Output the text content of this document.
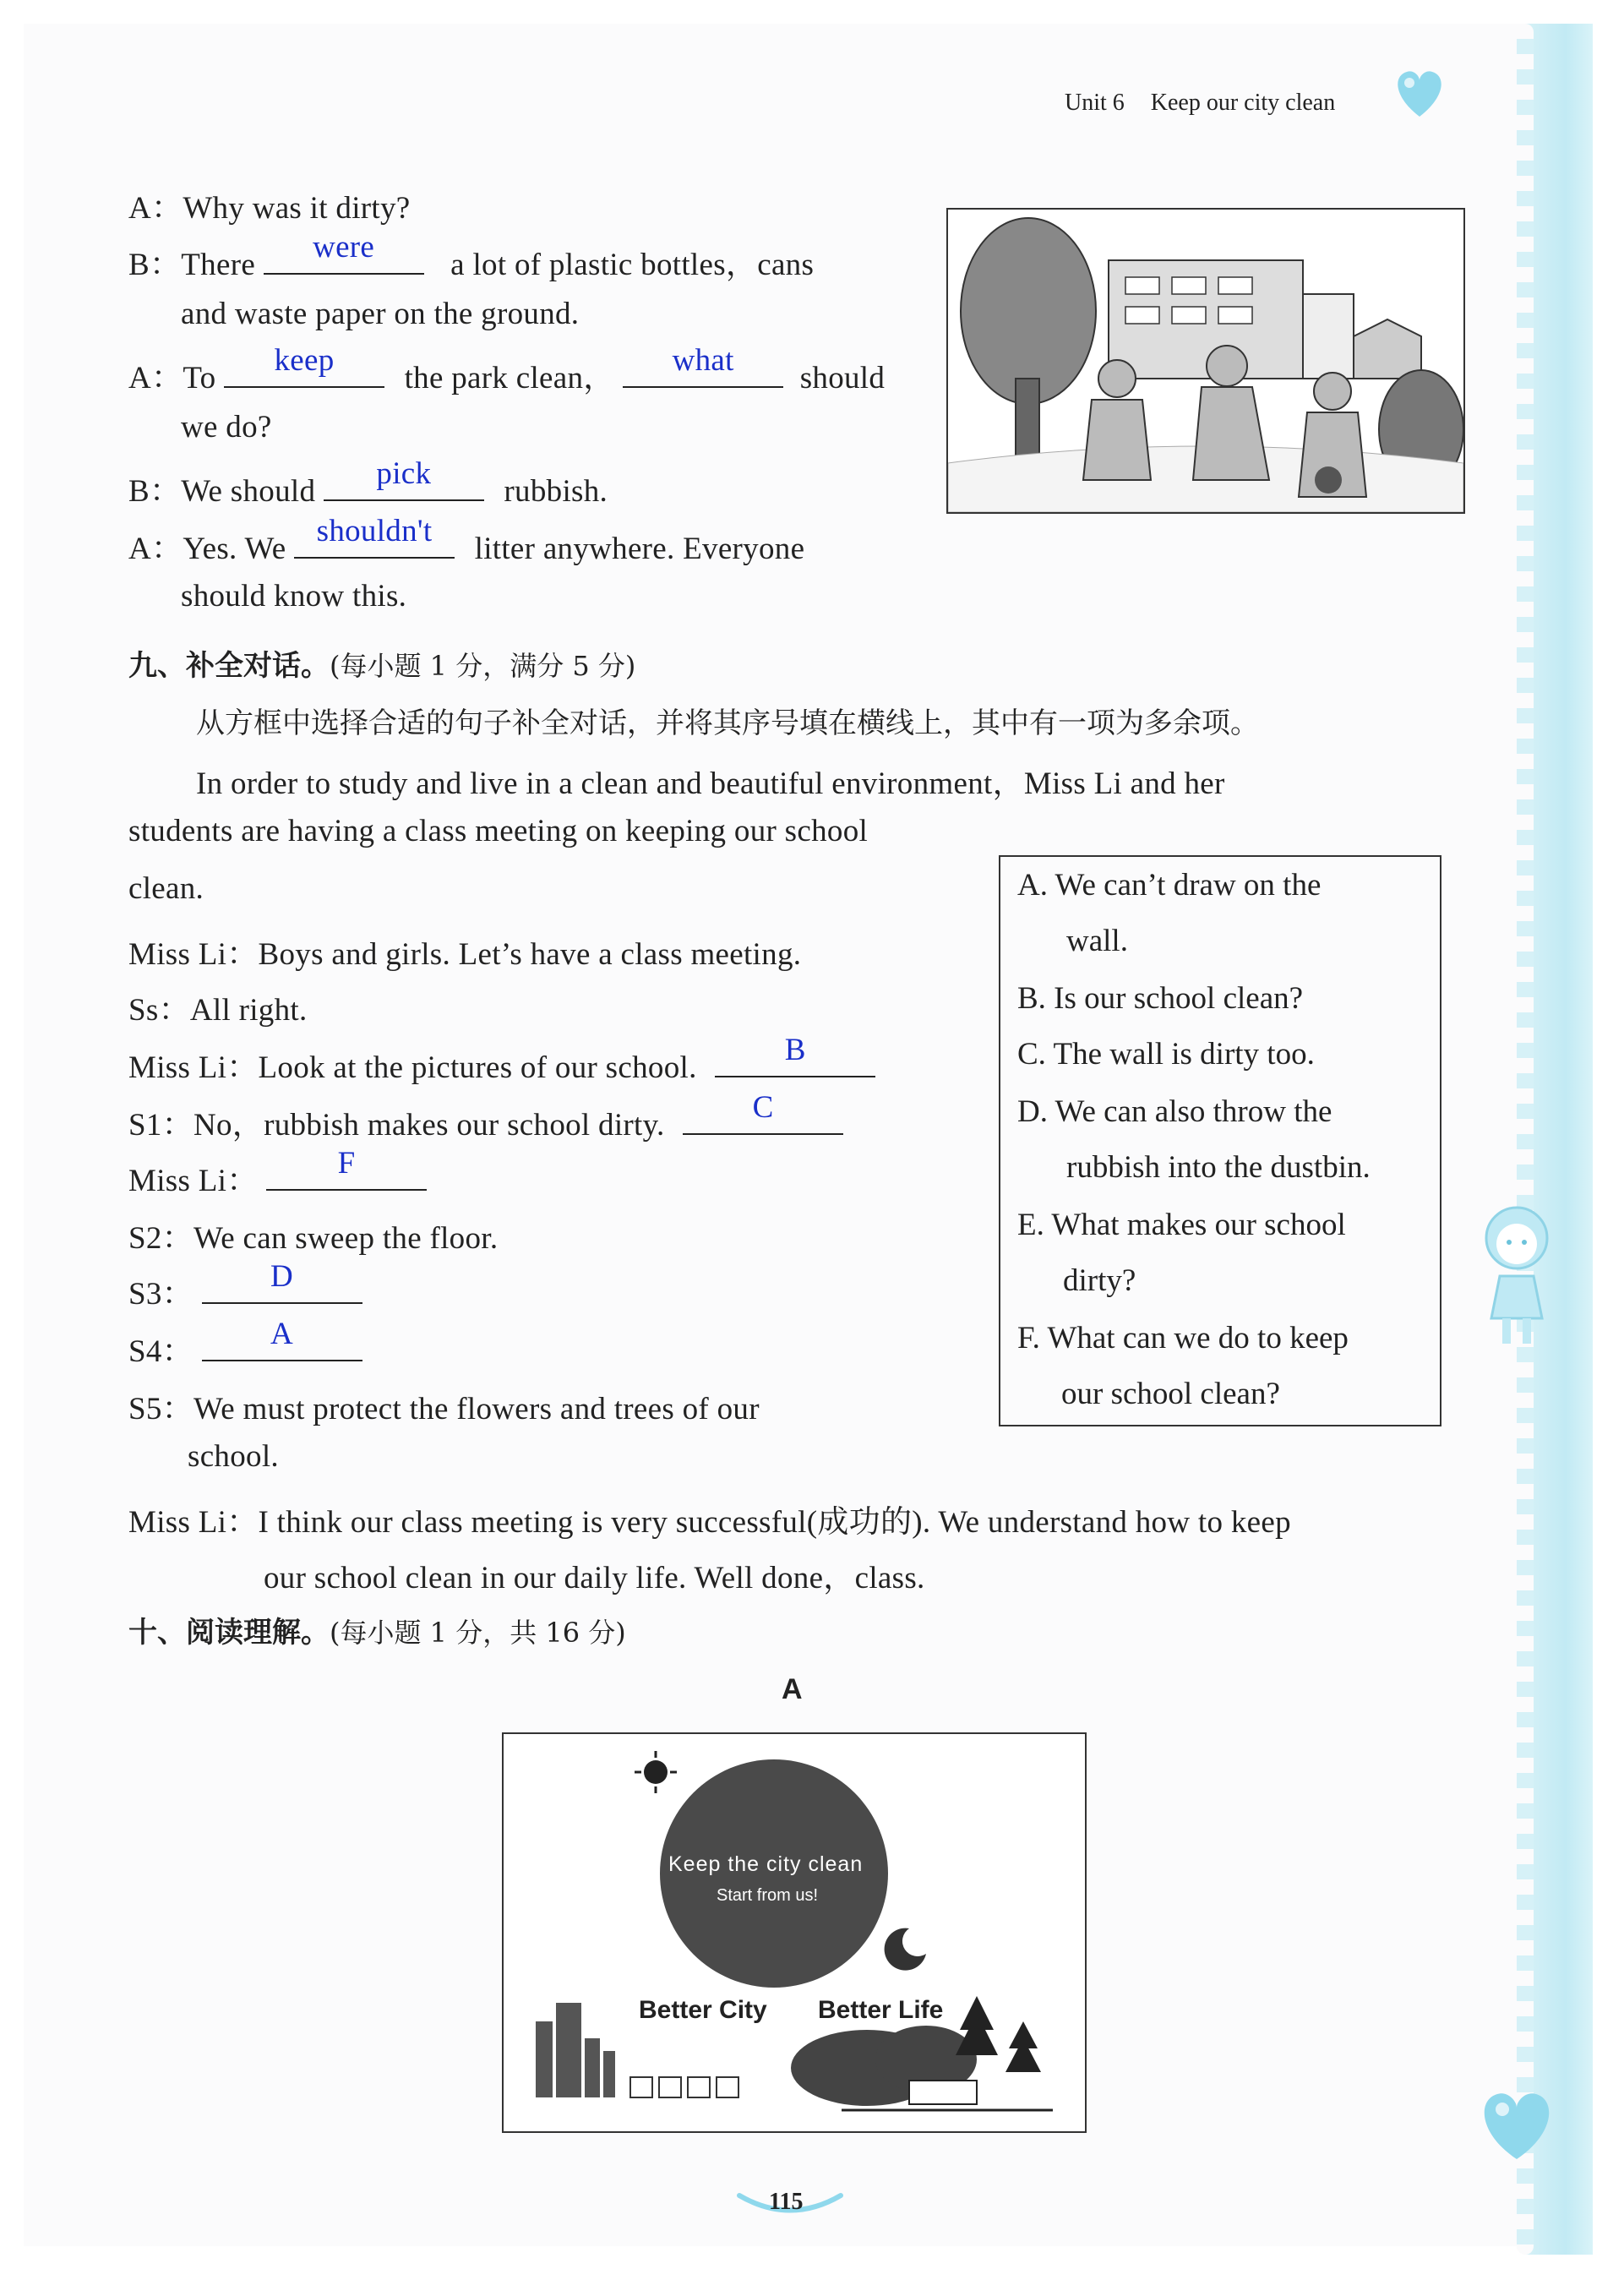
Unit 6 Keep our city clean
A：Why was it dirty?
B：There
were
a lot of plastic bottles，cans
and waste paper on the ground.
A：To
keep
the park clean，
what
should
we do?
B：We should
pick
rubbish.
A：Yes. We
shouldn't
litter anywhere. Everyone
should know this.
九、补全对话。(每小题 1 分，满分 5 分)
从方框中选择合适的句子补全对话，并将其序号填在横线上，其中有一项为多余项。
In order to study and live in a clean and beautiful environment，Miss Li and her
students are having a class meeting on keeping our school
clean.
Miss Li：Boys and girls. Let’s have a class meeting.
Ss：All right.
Miss Li：Look at the pictures of our school.
B
S1：No，rubbish makes our school dirty.
C
Miss Li：
F
S2：We can sweep the floor.
S3：
D
S4：
A
S5：We must protect the flowers and trees of our
school.
Miss Li：I think our class meeting is very successful(成功的). We understand how to keep
our school clean in our daily life. Well done，class.
A. We can’t draw on the
wall.
B. Is our school clean?
C. The wall is dirty too.
D. We can also throw the
rubbish into the dustbin.
E. What makes our school
dirty?
F. What can we do to keep
our school clean?
十、阅读理解。(每小题 1 分，共 16 分)
A
Keep the city clean
Start from us!
Better City Better Life
115
